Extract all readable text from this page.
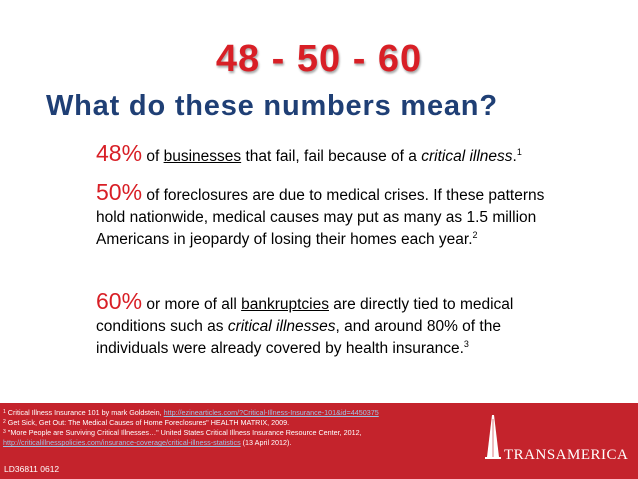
48 - 50 - 60
What do these numbers mean?
48% of businesses that fail, fail because of a critical illness.$^1$
50% of foreclosures are due to medical crises. If these patterns hold nationwide, medical causes may put as many as 1.5 million Americans in jeopardy of losing their homes each year.$^2$
60% or more of all bankruptcies are directly tied to medical conditions such as critical illnesses, and around 80% of the individuals were already covered by health insurance.$^3$
$^1$ Critical Illness Insurance 101 by mark Goldstein, http://ezinearticles.com/?Critical-Illness-Insurance-101&id=4450375
$^2$ Get Sick, Get Out: The Medical Causes of Home Foreclosures" HEALTH MATRIX, 2009.
$^3$ "More People are Surviving Critical Illnesses…" United States Critical Illness Insurance Resource Center, 2012,
http://criticalillnesspolicies.com/insurance-coverage/critical-illness-statistics (13 April 2012).
LD36811 0612
TRANSAMERICA
